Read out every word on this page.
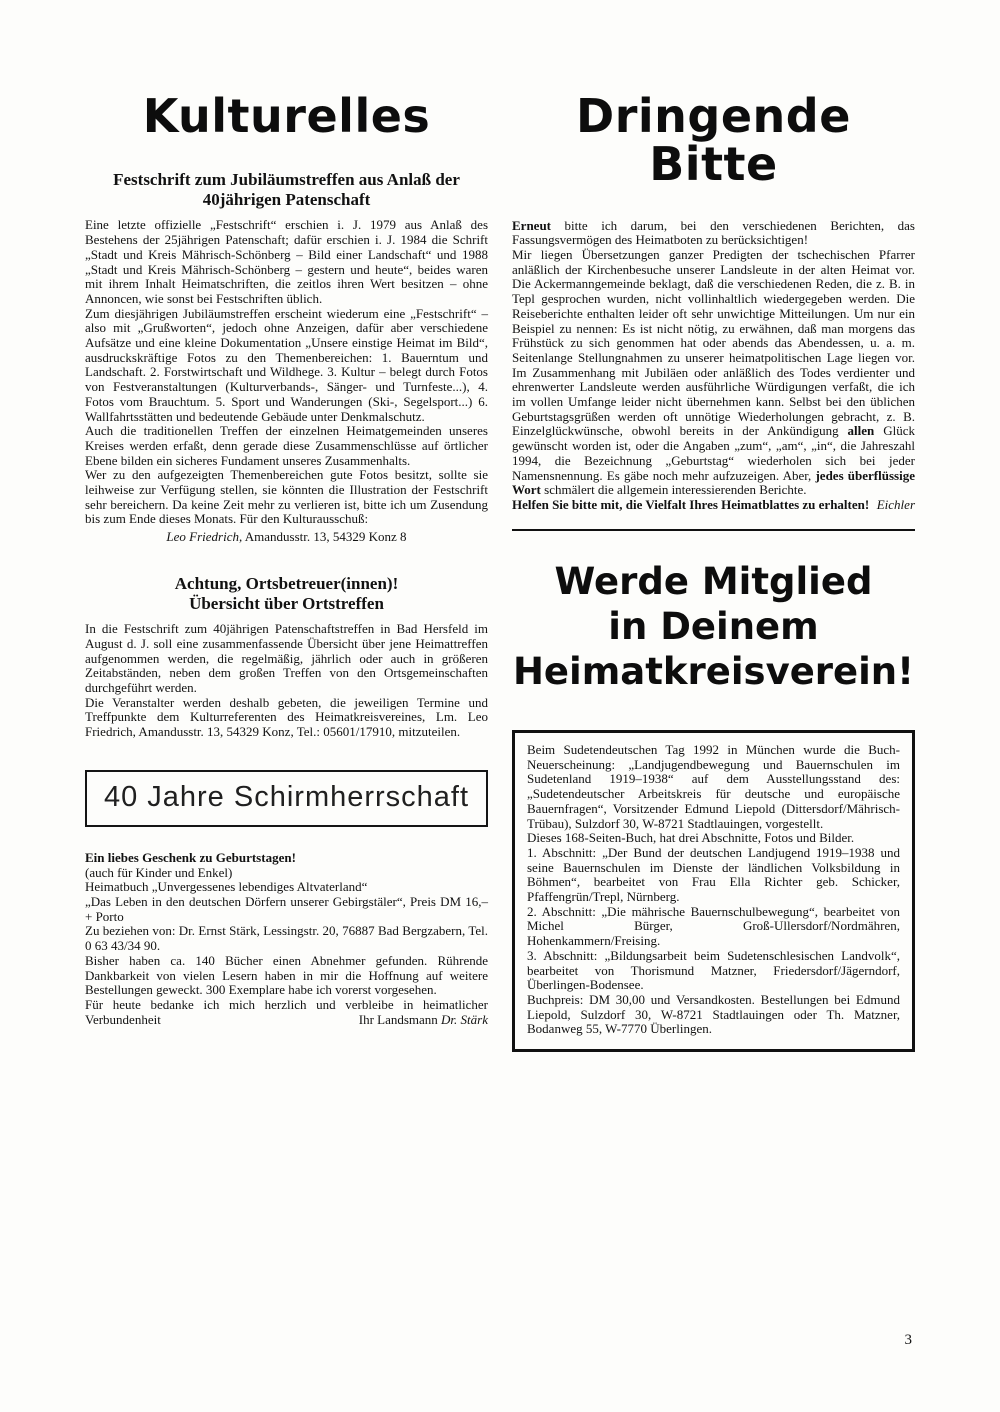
Kulturelles
Festschrift zum Jubiläumstreffen aus Anlaß der 40jährigen Patenschaft

Eine letzte offizielle „Festschrift“ erschien i. J. 1979 aus Anlaß des Bestehens der 25jährigen Patenschaft; dafür erschien i. J. 1984 die Schrift „Stadt und Kreis Mährisch-Schönberg – Bild einer Landschaft“ und 1988 „Stadt und Kreis Mährisch-Schönberg – gestern und heute“, beides waren mit ihrem Inhalt Heimatschriften, die zeitlos ihren Wert besitzen – ohne Annoncen, wie sonst bei Festschriften üblich.

Zum diesjährigen Jubiläumstreffen erscheint wiederum eine „Festschrift“ – also mit „Grußworten“, jedoch ohne Anzeigen, dafür aber verschiedene Aufsätze und eine kleine Dokumentation „Unsere einstige Heimat im Bild“, ausdruckskräftige Fotos zu den Themenbereichen: 1. Bauerntum und Landschaft. 2. Forstwirtschaft und Wildhege. 3. Kultur – belegt durch Fotos von Festveranstaltungen (Kulturverbands-, Sänger- und Turnfeste...), 4. Fotos vom Brauchtum. 5. Sport und Wanderungen (Ski-, Segelsport...) 6. Wallfahrtsstätten und bedeutende Gebäude unter Denkmalschutz.

Auch die traditionellen Treffen der einzelnen Heimatgemeinden unseres Kreises werden erfaßt, denn gerade diese Zusammenschlüsse auf örtlicher Ebene bilden ein sicheres Fundament unseres Zusammenhalts.

Wer zu den aufgezeigten Themenbereichen gute Fotos besitzt, sollte sie leihweise zur Verfügung stellen, sie könnten die Illustration der Festschrift sehr bereichern. Da keine Zeit mehr zu verlieren ist, bitte ich um Zusendung bis zum Ende dieses Monats. Für den Kulturausschuß:

Leo Friedrich, Amandusstr. 13, 54329 Konz 8

Achtung, Ortsbetreuer(innen)!
Übersicht über Ortstreffen

In die Festschrift zum 40jährigen Patenschaftstreffen in Bad Hersfeld im August d. J. soll eine zusammenfassende Übersicht über jene Heimattreffen aufgenommen werden, die regelmäßig, jährlich oder auch in größeren Zeitabständen, neben dem großen Treffen von den Ortsgemeinschaften durchgeführt werden.

Die Veranstalter werden deshalb gebeten, die jeweiligen Termine und Treffpunkte dem Kulturreferenten des Heimatkreisvereines, Lm. Leo Friedrich, Amandusstr. 13, 54329 Konz, Tel.: 05601/17910, mitzuteilen.

40 Jahre Schirmherrschaft

Ein liebes Geschenk zu Geburtstagen!

(auch für Kinder und Enkel)

Heimatbuch „Unvergessenes lebendiges Altvaterland“

„Das Leben in den deutschen Dörfern unserer Gebirgstäler“, Preis DM 16,– + Porto

Zu beziehen von: Dr. Ernst Stärk, Lessingstr. 20, 76887 Bad Bergzabern, Tel. 0 63 43/34 90.

Bisher haben ca. 140 Bücher einen Abnehmer gefunden. Rührende Dankbarkeit von vielen Lesern haben in mir die Hoffnung auf weitere Bestellungen geweckt. 300 Exemplare habe ich vorerst vorgesehen.

Für heute bedanke ich mich herzlich und verbleibe in heimatlicher Verbundenheit	Ihr Landsmann Dr. Stärk
Dringende Bitte

Erneut bitte ich darum, bei den verschiedenen Berichten, das Fassungsvermögen des Heimatboten zu berücksichtigen!

Mir liegen Übersetzungen ganzer Predigten der tschechischen Pfarrer anläßlich der Kirchenbesuche unserer Landsleute in der alten Heimat vor. Die Ackermanngemeinde beklagt, daß die verschiedenen Reden, die z. B. in Tepl gesprochen wurden, nicht vollinhaltlich wiedergegeben werden. Die Reiseberichte enthalten leider oft sehr unwichtige Mitteilungen. Um nur ein Beispiel zu nennen: Es ist nicht nötig, zu erwähnen, daß man morgens das Frühstück zu sich genommen hat oder abends das Abendessen, u. a. m. Seitenlange Stellungnahmen zu unserer heimatpolitischen Lage liegen vor. Im Zusammenhang mit Jubiläen oder anläßlich des Todes verdienter und ehrenwerter Landsleute werden ausführliche Würdigungen verfaßt, die ich im vollen Umfange leider nicht übernehmen kann. Selbst bei den üblichen Geburtstagsgrüßen werden oft unnötige Wiederholungen gebracht, z. B. Einzelglückwünsche, obwohl bereits in der Ankündigung allen Glück gewünscht worden ist, oder die Angaben „zum“, „am“, „in“, die Jahreszahl 1994, die Bezeichnung „Geburtstag“ wiederholen sich bei jeder Namensnennung. Es gäbe noch mehr aufzuzeigen. Aber, jedes überflüssige Wort schmälert die allgemein interessierenden Berichte.

Helfen Sie bitte mit, die Vielfalt Ihres Heimatblattes zu erhalten! Eichler
Werde Mitglied
in Deinem
Heimatkreisverein!

Beim Sudetendeutschen Tag 1992 in München wurde die Buch-Neuerscheinung: „Landjugendbewegung und Bauernschulen im Sudetenland 1919–1938“ auf dem Ausstellungsstand des: „Sudetendeutscher Arbeitskreis für deutsche und europäische Bauernfragen“, Vorsitzender Edmund Liepold (Dittersdorf/Mährisch-Trübau), Sulzdorf 30, W-8721 Stadtlauingen, vorgestellt.

Dieses 168-Seiten-Buch, hat drei Abschnitte, Fotos und Bilder.

1. Abschnitt: „Der Bund der deutschen Landjugend 1919–1938 und seine Bauernschulen im Dienste der ländlichen Volksbildung in Böhmen“, bearbeitet von Frau Ella Richter geb. Schicker, Pfaffengrün/Trepl, Nürnberg.

2. Abschnitt: „Die mährische Bauernschulbewegung“, bearbeitet von Michel Bürger, Groß-Ullersdorf/Nordmähren, Hohenkammern/Freising.

3. Abschnitt: „Bildungsarbeit beim Sudetenschlesischen Landvolk“, bearbeitet von Thorismund Matzner, Friedersdorf/Jägerndorf, Überlingen-Bodensee.

Buchpreis: DM 30,00 und Versandkosten. Bestellungen bei Edmund Liepold, Sulzdorf 30, W-8721 Stadtlauingen oder Th. Matzner, Bodanweg 55, W-7770 Überlingen.

3
